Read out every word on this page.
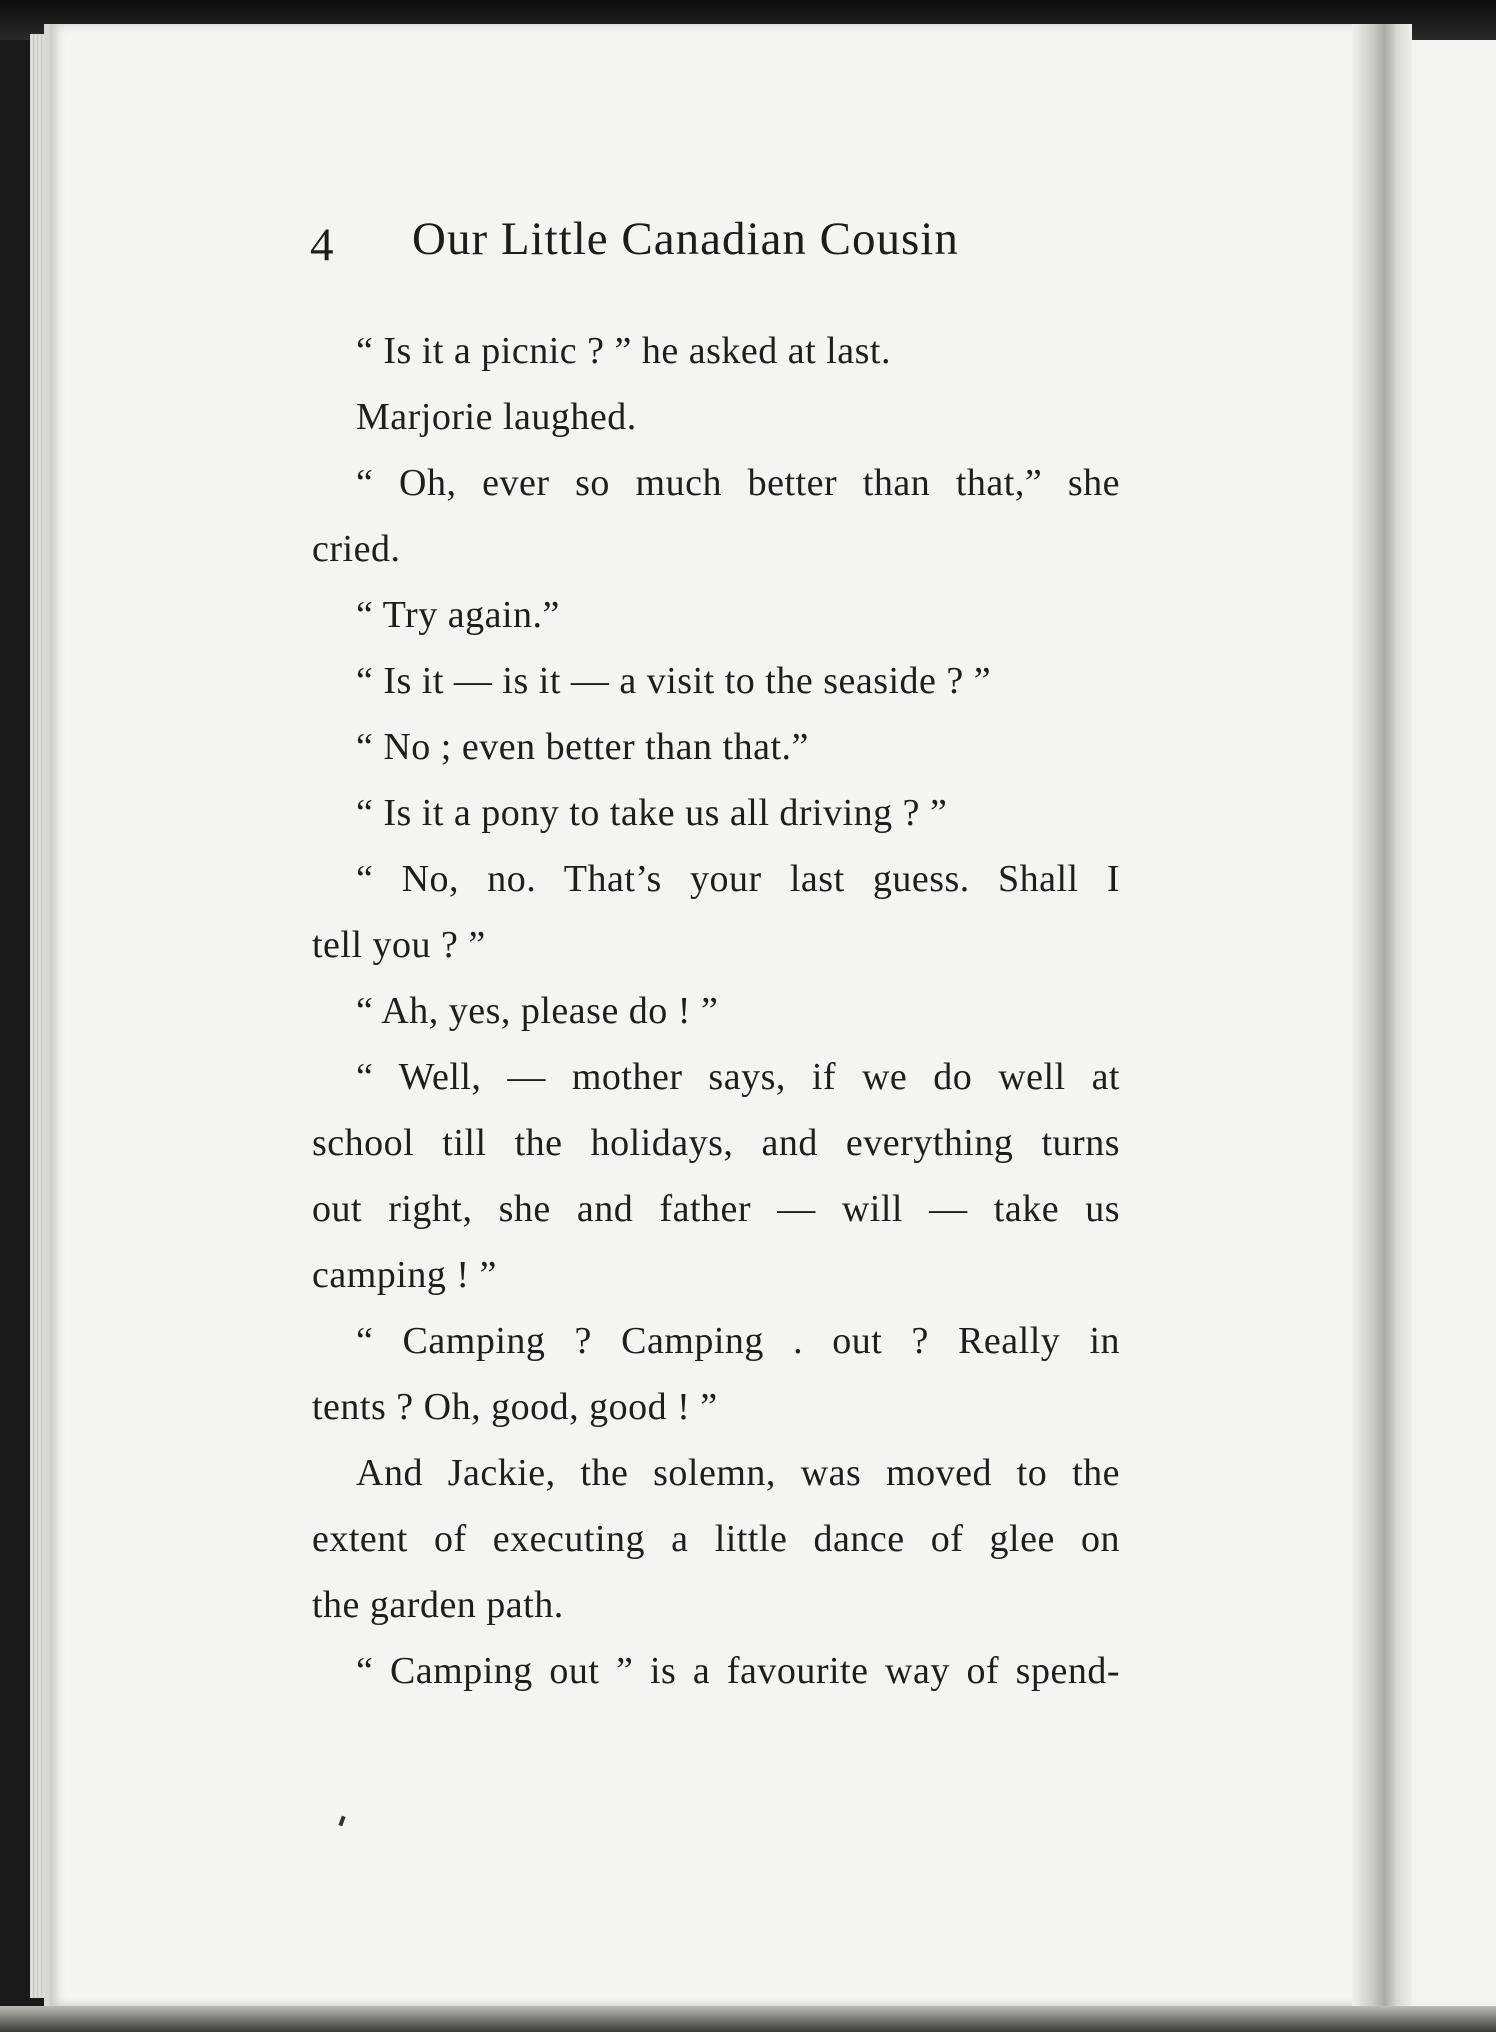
4 Our Little Canadian Cousin
“ Is it a picnic ? ” he asked at last.
Marjorie laughed.
“ Oh, ever so much better than that,” she
cried.
“ Try again.”
“ Is it — is it — a visit to the seaside ? ”
“ No ; even better than that.”
“ Is it a pony to take us all driving ? ”
“ No, no. That’s your last guess. Shall I
tell you ? ”
“ Ah, yes, please do ! ”
“ Well, — mother says, if we do well at
school till the holidays, and everything turns
out right, she and father — will — take us
camping ! ”
“ Camping ? Camping . out ? Really in
tents ? Oh, good, good ! ”
And Jackie, the solemn, was moved to the
extent of executing a little dance of glee on
the garden path.
“ Camping out ” is a favourite way of spend-
